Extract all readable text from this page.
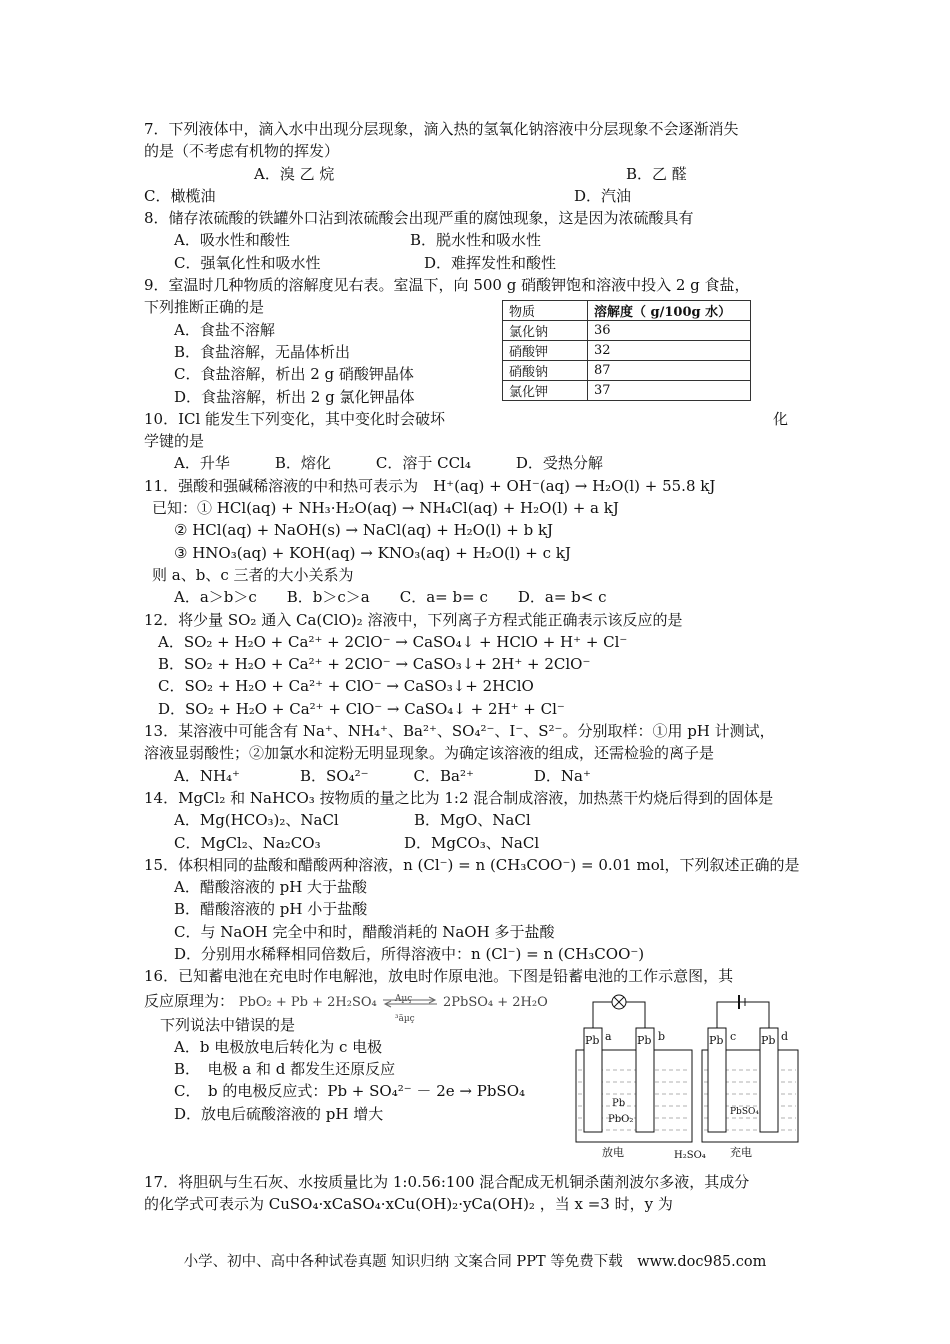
7．下列液体中，滴入水中出现分层现象，滴入热的氢氧化钠溶液中分层现象不会逐渐消失
的是（不考虑有机物的挥发）
A．溴 乙 烷	B．乙 醛
C．橄榄油	D．汽油
8．储存浓硫酸的铁罐外口沾到浓硫酸会出现严重的腐蚀现象，这是因为浓硫酸具有
A．吸水性和酸性	B．脱水性和吸水性
C．强氧化性和吸水性	D．难挥发性和酸性
9．室温时几种物质的溶解度见右表。室温下，向 500 g 硝酸钾饱和溶液中投入 2 g 食盐，
下列推断正确的是
A．食盐不溶解
B．食盐溶解，无晶体析出
C．食盐溶解，析出 2 g 硝酸钾晶体
D．食盐溶解，析出 2 g 氯化钾晶体
10．ICl 能发生下列变化，其中变化时会破坏	化
学键的是
A．升华　　　B．熔化　　　C．溶于 CCl₄　　　D．受热分解
11．强酸和强碱稀溶液的中和热可表示为　H⁺(aq) + OH⁻(aq) → H₂O(l) + 55.8 kJ
已知：① HCl(aq) + NH₃·H₂O(aq) → NH₄Cl(aq) + H₂O(l) + a kJ
② HCl(aq) + NaOH(s) → NaCl(aq) + H₂O(l) + b kJ
③ HNO₃(aq) + KOH(aq) → KNO₃(aq) + H₂O(l) + c kJ
则 a、b、c 三者的大小关系为
A．a＞b＞c　　B．b＞c＞a　　C．a= b= c　　D．a= b< c
12．将少量 SO₂ 通入 Ca(ClO)₂ 溶液中，下列离子方程式能正确表示该反应的是
A．SO₂ + H₂O + Ca²⁺ + 2ClO⁻ → CaSO₄↓ + HClO + H⁺ + Cl⁻
B．SO₂ + H₂O + Ca²⁺ + 2ClO⁻ → CaSO₃↓+ 2H⁺ + 2ClO⁻
C．SO₂ + H₂O + Ca²⁺ + ClO⁻ → CaSO₃↓+ 2HClO
D．SO₂ + H₂O + Ca²⁺ + ClO⁻ → CaSO₄↓ + 2H⁺ + Cl⁻
13．某溶液中可能含有 Na⁺、NH₄⁺、Ba²⁺、SO₄²⁻、I⁻、S²⁻。分别取样：①用 pH 计测试，
溶液显弱酸性；②加氯水和淀粉无明显现象。为确定该溶液的组成，还需检验的离子是
A．NH₄⁺　　　　B．SO₄²⁻　　　C．Ba²⁺　　　　D．Na⁺
14．MgCl₂ 和 NaHCO₃ 按物质的量之比为 1:2 混合制成溶液，加热蒸干灼烧后得到的固体是
A．Mg(HCO₃)₂、NaCl	B．MgO、NaCl
C．MgCl₂、Na₂CO₃	D．MgCO₃、NaCl
15．体积相同的盐酸和醋酸两种溶液，n (Cl⁻) = n (CH₃COO⁻) = 0.01 mol，下列叙述正确的是
A．醋酸溶液的 pH 大于盐酸
B．醋酸溶液的 pH 小于盐酸
C．与 NaOH 完全中和时，醋酸消耗的 NaOH 多于盐酸
D．分别用水稀释相同倍数后，所得溶液中：n (Cl⁻) = n (CH₃COO⁻)
16．已知蓄电池在充电时作电解池，放电时作原电池。下图是铅蓄电池的工作示意图，其
反应原理为： PbO₂ + Pb + 2H₂SO₄ Aµç
³äµç
2PbSO₄ + 2H₂O
下列说法中错误的是
A．b 电极放电后转化为 c 电极
B．　电极 a 和 d 都发生还原反应
C．　b 的电极反应式：Pb + SO₄²⁻ － 2e → PbSO₄
D．放电后硫酸溶液的 pH 增大
17．将胆矾与生石灰、水按质量比为 1:0.56:100 混合配成无机铜杀菌剂波尔多液，其成分
的化学式可表示为 CuSO₄·xCaSO₄·xCu(OH)₂·yCa(OH)₂ ，当 x =3 时，y 为
物质	溶解度（ g/100g 水）
氯化钠	36
硝酸钾	32
硝酸钠	87
氯化钾	37
Pb a Pb b
Pb
PbO₂
放电	H₂SO₄
Pb c Pb d
PbSO₄
充电
小学、初中、高中各种试卷真题 知识归纳 文案合同 PPT 等免费下载　www.doc985.com
